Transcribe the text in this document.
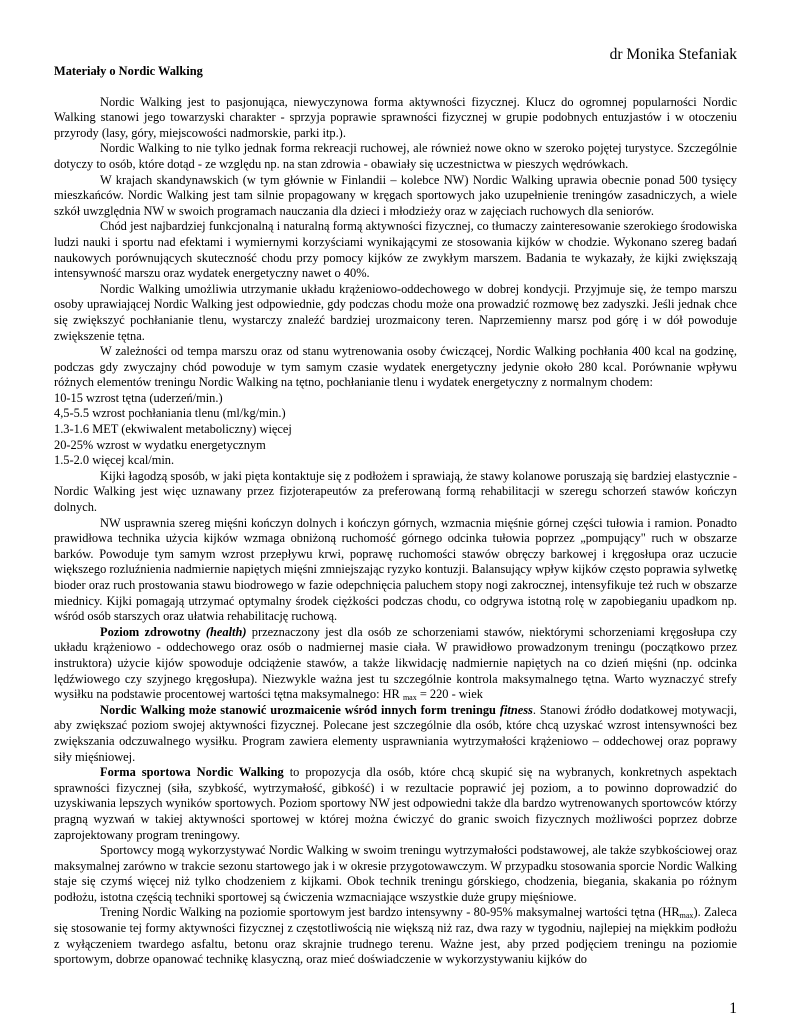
dr Monika Stefaniak
Materiały o Nordic Walking

Nordic Walking jest to pasjonująca, niewyczynowa forma aktywności fizycznej. Klucz do ogromnej popularności Nordic Walking stanowi jego towarzyski charakter - sprzyja poprawie sprawności fizycznej w grupie podobnych entuzjastów i w otoczeniu przyrody (lasy, góry, miejscowości nadmorskie, parki itp.).

Nordic Walking to nie tylko jednak forma rekreacji ruchowej, ale również nowe okno w szeroko pojętej turystyce. Szczególnie dotyczy to osób, które dotąd - ze względu np. na stan zdrowia - obawiały się uczestnictwa w pieszych wędrówkach.

W krajach skandynawskich (w tym głównie w Finlandii – kolebce NW) Nordic Walking uprawia obecnie ponad 500 tysięcy mieszkańców. Nordic Walking jest tam silnie propagowany w kręgach sportowych jako uzupełnienie treningów zasadniczych, a wiele szkół uwzględnia NW w swoich programach nauczania dla dzieci i młodzieży oraz w zajęciach ruchowych dla seniorów.

Chód jest najbardziej funkcjonalną i naturalną formą aktywności fizycznej, co tłumaczy zainteresowanie szerokiego środowiska ludzi nauki i sportu nad efektami i wymiernymi korzyściami wynikającymi ze stosowania kijków w chodzie. Wykonano szereg badań naukowych porównujących skuteczność chodu przy pomocy kijków ze zwykłym marszem. Badania te wykazały, że kijki zwiększają intensywność marszu oraz wydatek energetyczny nawet o 40%.

Nordic Walking umożliwia utrzymanie układu krążeniowo-oddechowego w dobrej kondycji. Przyjmuje się, że tempo marszu osoby uprawiającej Nordic Walking jest odpowiednie, gdy podczas chodu może ona prowadzić rozmowę bez zadyszki. Jeśli jednak chce się zwiększyć pochłanianie tlenu, wystarczy znaleźć bardziej urozmaicony teren. Naprzemienny marsz pod górę i w dół powoduje zwiększenie tętna.

W zależności od tempa marszu oraz od stanu wytrenowania osoby ćwiczącej, Nordic Walking pochłania 400 kcal na godzinę, podczas gdy zwyczajny chód powoduje w tym samym czasie wydatek energetyczny jedynie około 280 kcal. Porównanie wpływu różnych elementów treningu Nordic Walking na tętno, pochłanianie tlenu i wydatek energetyczny z normalnym chodem:

10-15 wzrost tętna (uderzeń/min.)

4,5-5.5 wzrost pochłaniania tlenu (ml/kg/min.)

1.3-1.6 MET (ekwiwalent metaboliczny) więcej

20-25% wzrost w wydatku energetycznym

1.5-2.0 więcej kcal/min.

Kijki łagodzą sposób, w jaki pięta kontaktuje się z podłożem i sprawiają, że stawy kolanowe poruszają się bardziej elastycznie - Nordic Walking jest więc uznawany przez fizjoterapeutów za preferowaną formą rehabilitacji w szeregu schorzeń stawów kończyn dolnych.

NW usprawnia szereg mięśni kończyn dolnych i kończyn górnych, wzmacnia mięśnie górnej części tułowia i ramion. Ponadto prawidłowa technika użycia kijków wzmaga obniżoną ruchomość górnego odcinka tułowia poprzez „pompujący" ruch w obszarze barków. Powoduje tym samym wzrost przepływu krwi, poprawę ruchomości stawów obręczy barkowej i kręgosłupa oraz uczucie większego rozluźnienia nadmiernie napiętych mięśni zmniejszając ryzyko kontuzji. Balansujący wpływ kijków często poprawia sylwetkę bioder oraz ruch prostowania stawu biodrowego w fazie odepchnięcia paluchem stopy nogi zakrocznej, intensyfikuje też ruch w obszarze miednicy. Kijki pomagają utrzymać optymalny środek ciężkości podczas chodu, co odgrywa istotną rolę w zapobieganiu upadkom np. wśród osób starszych oraz ułatwia rehabilitację ruchową.

Poziom zdrowotny (health) przeznaczony jest dla osób ze schorzeniami stawów, niektórymi schorzeniami kręgosłupa czy układu krążeniowo - oddechowego oraz osób o nadmiernej masie ciała. W prawidłowo prowadzonym treningu (początkowo przez instruktora) użycie kijów spowoduje odciążenie stawów, a także likwidację nadmiernie napiętych na co dzień mięśni (np. odcinka lędźwiowego czy szyjnego kręgosłupa). Niezwykle ważna jest tu szczególnie kontrola maksymalnego tętna. Warto wyznaczyć strefy wysiłku na podstawie procentowej wartości tętna maksymalnego: HR $_{max}$ = 220 - wiek

Nordic Walking może stanowić urozmaicenie wśród innych form treningu fitness. Stanowi źródło dodatkowej motywacji, aby zwiększać poziom swojej aktywności fizycznej. Polecane jest szczególnie dla osób, które chcą uzyskać wzrost intensywności bez zwiększania odczuwalnego wysiłku. Program zawiera elementy usprawniania wytrzymałości krążeniowo – oddechowej oraz poprawy siły mięśniowej.

Forma sportowa Nordic Walking to propozycja dla osób, które chcą skupić się na wybranych, konkretnych aspektach sprawności fizycznej (siła, szybkość, wytrzymałość, gibkość) i w rezultacie poprawić jej poziom, a to powinno doprowadzić do uzyskiwania lepszych wyników sportowych. Poziom sportowy NW jest odpowiedni także dla bardzo wytrenowanych sportowców którzy pragną wyzwań w takiej aktywności sportowej w której można ćwiczyć do granic swoich fizycznych możliwości poprzez dobrze zaprojektowany program treningowy.

Sportowcy mogą wykorzystywać Nordic Walking w swoim treningu wytrzymałości podstawowej, ale także szybkościowej oraz maksymalnej zarówno w trakcie sezonu startowego jak i w okresie przygotowawczym. W przypadku stosowania sporcie Nordic Walking staje się czymś więcej niż tylko chodzeniem z kijkami. Obok technik treningu górskiego, chodzenia, biegania, skakania po różnym podłożu, istotna częścią techniki sportowej są ćwiczenia wzmacniające wszystkie duże grupy mięśniowe.

Trening Nordic Walking na poziomie sportowym jest bardzo intensywny - 80-95% maksymalnej wartości tętna $(HR_{max})$. Zaleca się stosowanie tej formy aktywności fizycznej z częstotliwością nie większą niż raz, dwa razy w tygodniu, najlepiej na miękkim podłożu z wyłączeniem twardego asfaltu, betonu oraz skrajnie trudnego terenu. Ważne jest, aby przed podjęciem treningu na poziomie sportowym, dobrze opanować technikę klasyczną, oraz mieć doświadczenie w wykorzystywaniu kijków do

1
